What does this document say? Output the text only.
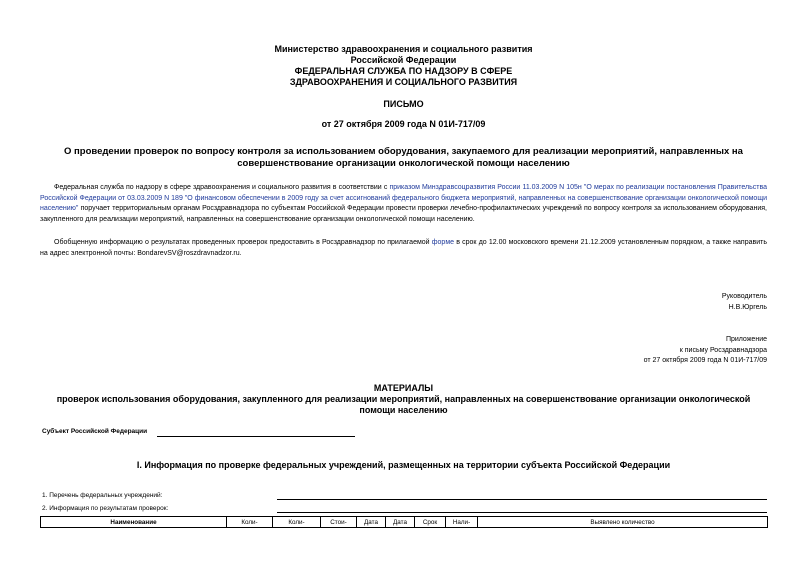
Министерство здравоохранения и социального развития
Российской Федерации
ФЕДЕРАЛЬНАЯ СЛУЖБА ПО НАДЗОРУ В СФЕРЕ
ЗДРАВООХРАНЕНИЯ И СОЦИАЛЬНОГО РАЗВИТИЯ
ПИСЬМО
от 27 октября 2009 года N 01И-717/09
О проведении проверок по вопросу контроля за использованием оборудования, закупаемого для реализации мероприятий, направленных на совершенствование организации онкологической помощи населению
Федеральная служба по надзору в сфере здравоохранения и социального развития в соответствии с приказом Минздравсоцразвития России 11.03.2009 N 105н "О мерах по реализации постановления Правительства Российской Федерации от 03.03.2009 N 189 "О финансовом обеспечении в 2009 году за счет ассигнований федерального бюджета мероприятий, направленных на совершенствование организации онкологической помощи населению" поручает территориальным органам Росздравнадзора по субъектам Российской Федерации провести проверки лечебно-профилактических учреждений по вопросу контроля за использованием оборудования, закупленного для реализации мероприятий, направленных на совершенствование организации онкологической помощи населению.
Обобщенную информацию о результатах проведенных проверок предоставить в Росздравнадзор по прилагаемой форме в срок до 12.00 московского времени 21.12.2009 установленным порядком, а также направить на адрес электронной почты: BondarevSV@roszdravnadzor.ru.
Руководитель
Н.В.Юргель
Приложение
к письму Росздравнадзора
от 27 октября 2009 года N 01И-717/09
МАТЕРИАЛЫ
проверок использования оборудования, закупленного для реализации мероприятий, направленных на совершенствование организации онкологической помощи населению
Субъект Российской Федерации
I. Информация по проверке федеральных учреждений, размещенных на территории субъекта Российской Федерации
1. Перечень федеральных учреждений:
2. Информация по результатам проверок:
Наименование	Коли-	Коли-	Стои-	Дата	Дата	Срок	Нали-	Выявлено количество
